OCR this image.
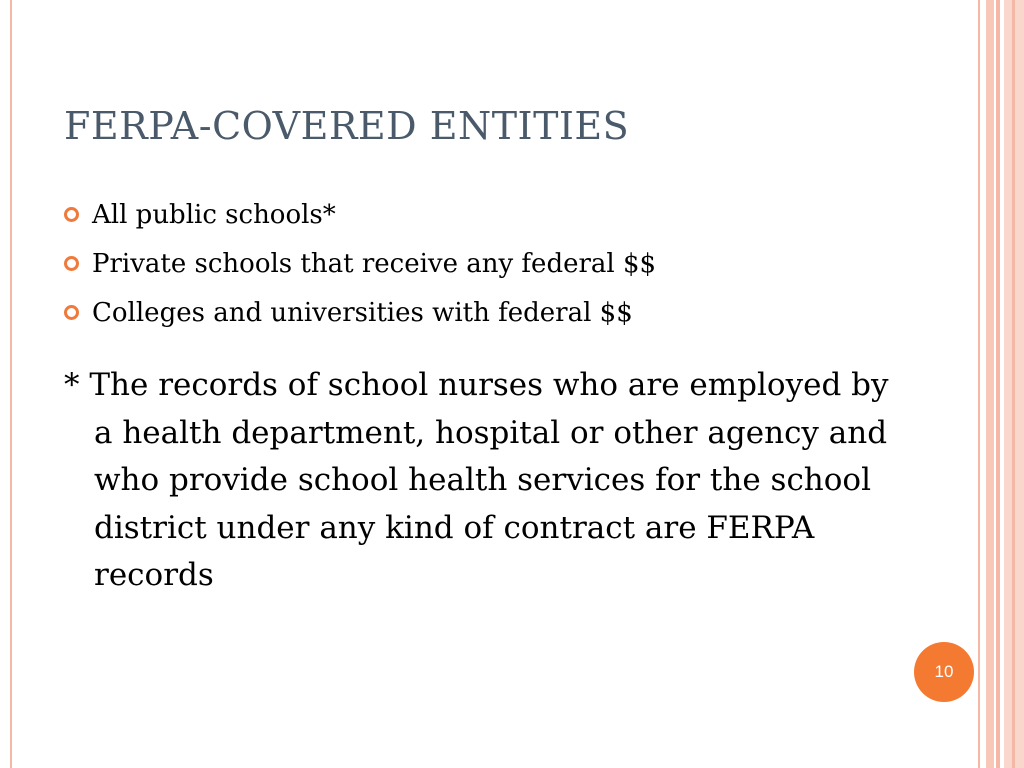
FERPA-COVERED ENTITIES
All public schools*
Private schools that receive any federal $$
Colleges and universities with federal $$
* The records of school nurses who are employed by a health department, hospital or other agency and who provide school health services for the school district under any kind of contract are FERPA records
10
